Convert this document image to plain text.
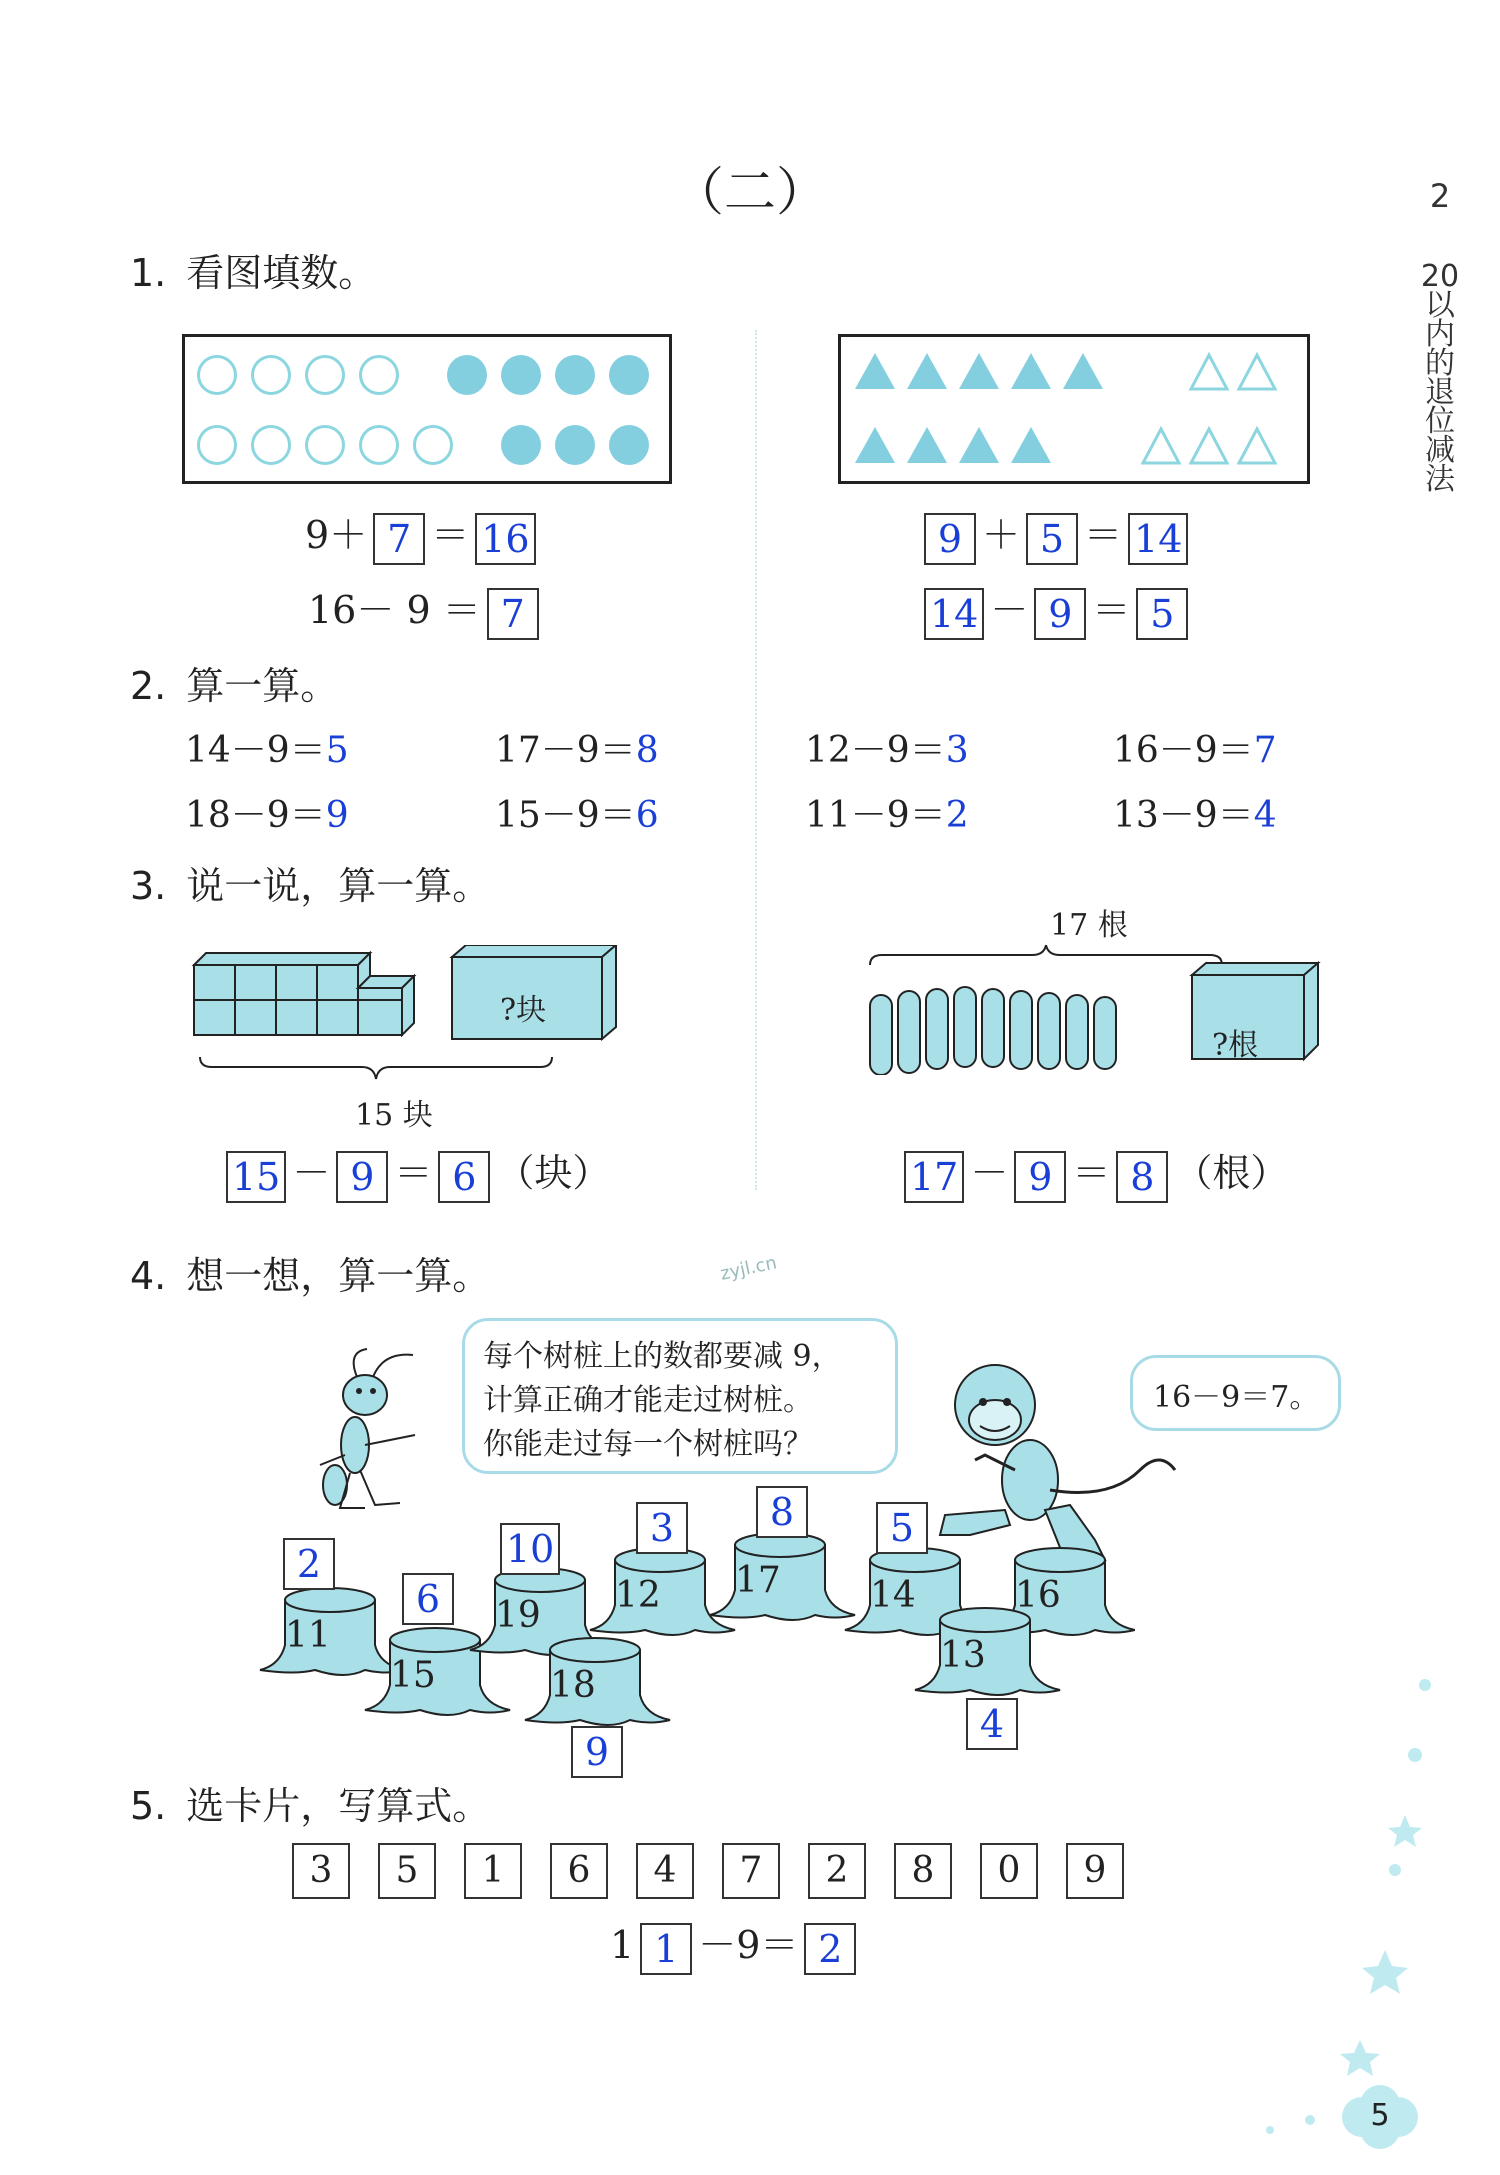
（二）	2
20
以
内
的
退
位
减
法
1. 看图填数。
9＋ 7 ＝ 16
16－ 9 ＝ 7
9 ＋ 5 ＝ 14
14 － 9 ＝ 5
2. 算一算。
14－9＝5	17－9＝8	12－9＝3	16－9＝7
18－9＝9	15－9＝6	11－9＝2	13－9＝4
3. 说一说，算一算。
?块
15 块
17 根
?根
15 － 9 ＝ 6 （块）	17 － 9 ＝ 8 （根）
4. 想一想，算一算。	zyjl.cn
每个树桩上的数都要减 9，
计算正确才能走过树桩。
你能走过每一个树桩吗？
16－9＝7。
11
15
19
18
12 17 14
13
16
2
6
10
9
3	8	5
4
5. 选卡片，写算式。
3 5 1 6 4 7 2 8 0 9
1 1 －9＝ 2
5
